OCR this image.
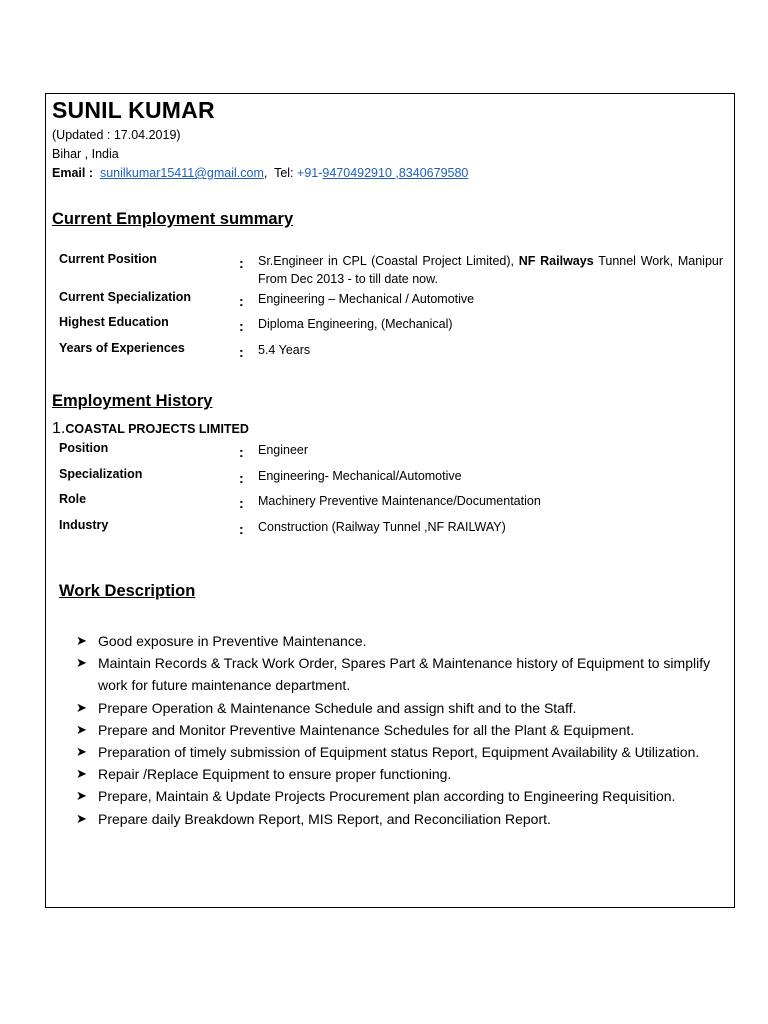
SUNIL KUMAR
(Updated : 17.04.2019)
Bihar , India
Email : sunilkumar15411@gmail.com,  Tel: +91-9470492910 ,8340679580
Current Employment summary
Current Position	: Sr.Engineer in CPL (Coastal Project Limited), NF Railways Tunnel Work, Manipur From Dec 2013 - to till date now.
Current Specialization	: Engineering – Mechanical / Automotive
Highest Education	: Diploma Engineering, (Mechanical)
Years of Experiences	: 5.4 Years
Employment History
1.COASTAL PROJECTS LIMITED
Position	: Engineer
Specialization	: Engineering- Mechanical/Automotive
Role	: Machinery Preventive Maintenance/Documentation
Industry	: Construction (Railway Tunnel ,NF RAILWAY)
Work Description
➤ Good exposure in Preventive Maintenance.
➤ Maintain Records & Track Work Order, Spares Part & Maintenance history of Equipment to simplify work for future maintenance department.
➤ Prepare Operation & Maintenance Schedule and assign shift and to the Staff.
➤ Prepare and Monitor Preventive Maintenance Schedules for all the Plant & Equipment.
➤ Preparation of timely submission of Equipment status Report, Equipment Availability & Utilization.
➤ Repair /Replace Equipment to ensure proper functioning.
➤ Prepare, Maintain & Update Projects Procurement plan according to Engineering Requisition.
➤ Prepare daily Breakdown Report, MIS Report, and Reconciliation Report.
